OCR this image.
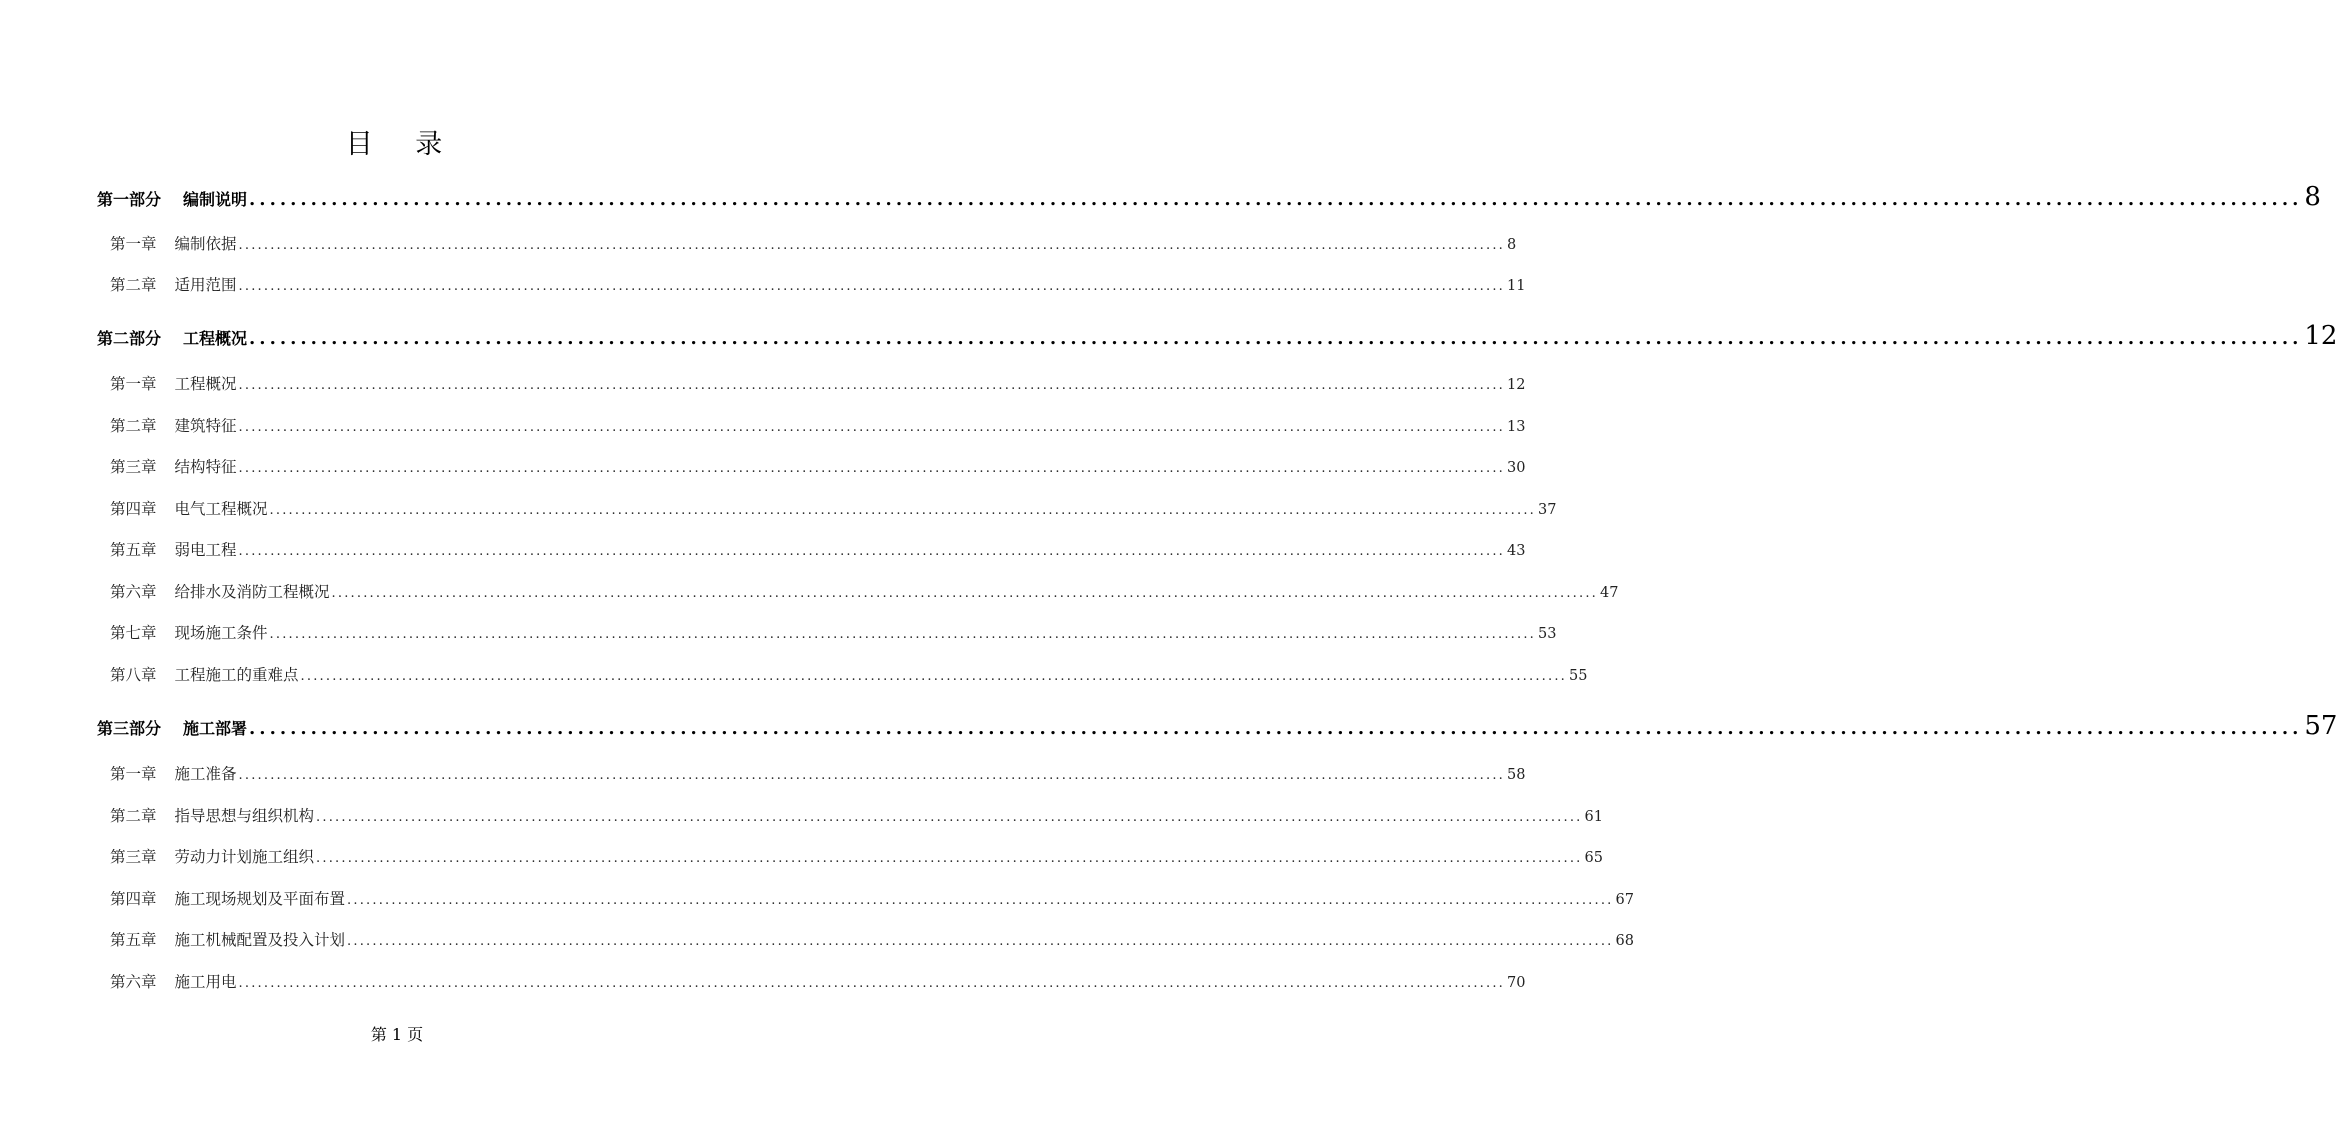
目 录
第一部分 编制说明 ........................................................................................................................................................................................................ 8
第一章 编制依据 ........................................................................................................................................................................................................ 8
第二章 适用范围 ........................................................................................................................................................................................................ 11
第二部分 工程概况 ........................................................................................................................................................................................................ 12
第一章 工程概况 ........................................................................................................................................................................................................ 12
第二章 建筑特征 ........................................................................................................................................................................................................ 13
第三章 结构特征 ........................................................................................................................................................................................................ 30
第四章 电气工程概况 ........................................................................................................................................................................................................ 37
第五章 弱电工程 ........................................................................................................................................................................................................ 43
第六章 给排水及消防工程概况 ........................................................................................................................................................................................................ 47
第七章 现场施工条件 ........................................................................................................................................................................................................ 53
第八章 工程施工的重难点 ........................................................................................................................................................................................................ 55
第三部分 施工部署 ........................................................................................................................................................................................................ 57
第一章 施工准备 ........................................................................................................................................................................................................ 58
第二章 指导思想与组织机构 ........................................................................................................................................................................................................ 61
第三章 劳动力计划施工组织 ........................................................................................................................................................................................................ 65
第四章 施工现场规划及平面布置 ........................................................................................................................................................................................................ 67
第五章 施工机械配置及投入计划 ........................................................................................................................................................................................................ 68
第六章 施工用电 ........................................................................................................................................................................................................ 70
第 1 页
